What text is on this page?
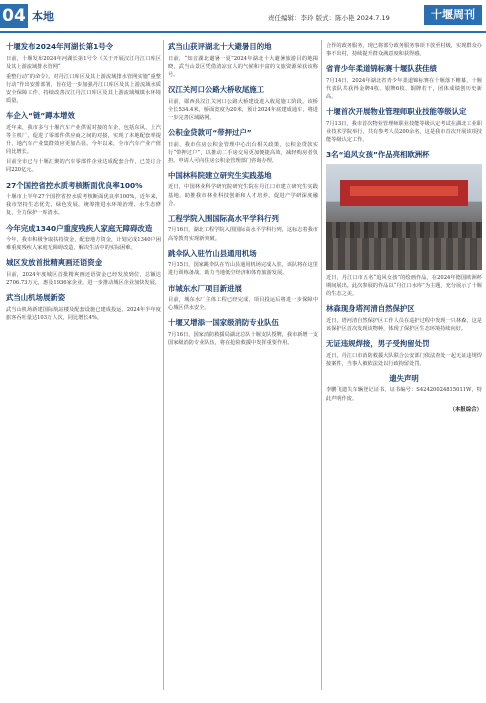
04 本地	责任编辑：李玲 版式：陈小艳 2024.7.19	十堰周刊
十堰发布2024年河湖长第1号令

日前，十堰发布2024年河湖长第1号令《关于开展汉江丹江口库区及其上游流域排水管网“

重整行动”的命令》。对丹江口库区及其上游流域排水管网实施“重整行动”作出安排部署，旨在进一步加强丹江口库区及其上游流域水质安全保障工作，持续改善汉江丹江口库区及其上游流域城镇水环境质量。

车企入“链”蹲本增效

近年来，我市多与十堰汽车产业供需对接的车企，包括东风、上汽等主机厂，促进了零部件供应商之间的对接，实现了本地配套率提升，地汽车产业集群效应更加凸显。今年以来，全市汽车产业产值同比增长。

目前全市已与十堰汇聚的汽车零部件企业达成配套合作，已签订合同220亿元。

27个国控省控水质考核断面优良率100%

十堰市上半年27个国控省控水质考核断面优良率100%，近年来，我市坚持生态优先、绿色发展，统筹推进水环境治理、水生态修复，全力保护一库清水。

今年完成1340户重度残疾人家庭无障碍改造

今年，我市积极争取扶持资金，配套地方资金，计划完成1340户困难重度残疾人家庭无障碍改造，解决生活中的实际困难。

城区发放首批精爽画还语资金

目前，2024年度城区首批精爽画还语资金已经发放到位，总额达2706.73万元，惠及1936家企业，进一步推动城区企业加快发展。

武当山机场展新姿

武当山机场新建国际航站楼及配套设施已建成投运，2024年半年度旅客吞吐量达103万人次，同比增长4%。

武当山获评湖北十大避暑目的地

日前，“知音湖北避暑一夏”2024年湖北十大避暑旅游目的地揭晓，武当山景区凭借清凉宜人的气候和丰富的文旅资源荣获该称号。

汉江关河口公路大桥收尾施工

目前，郧西县汉江关河口公路大桥建设进入收尾施工阶段。该桥全长534.4米，桥面宽度为20米，预计2024年底建成通车，将进一步完善区域路网。

公积金贷款可“带押过户”

日前，我市住房公积金管理中心出台相关政策，公积金贷款实行“带押过户”，以推动二手房交易更加便捷高效，减轻购房者负担。申请人可向住房公积金管理部门咨询办理。

中国林科院建立研究生实践基地

近日，中国林业科学研究院研究生院在丹江口市建立研究生实践基地，助推我市林业科技创新和人才培养，促进产学研深度融合。

工程学院入围国际高水平学科行列

7月16日，湖北工程学院入围国际高水平学科行列，这标志着我市高等教育实现新突破。

跳伞队入驻竹山县通用机场

7月15日，国家跳伞队在竹山县通用机场完成入驻，该队将在这里进行训练备战，助力当地低空经济和体育旅游发展。

市城东水厂项目新进展

目前，城东水厂主体工程已经完成，项目投运后将进一步保障中心城区供水安全。

十堰又增添一国家级消防专业队伍

7月16日，国家消防救援局湖北总队十堰支队授牌，我市新增一支国家级消防专业队伍，将在抢险救援中发挥重要作用。

合作的政务服务，现已将部分政务服务事项下放至村级，实现群众办事不出村，持续提升群众满意度和获得感。

省青少年柔道锦标赛十堰队获佳绩

7月14日，2024年湖北省青少年柔道锦标赛在十堰落下帷幕，十堰代表队共获得金牌4枚、银牌6枚、铜牌若干，团体成绩创历史新高。

十堰首次开展物业管理师职业技能等级认定

7月13日，我市首次物业管理师职业技能等级认定考试在湖北工业职业技术学院举行，共有参考人员200余名，这是我市首次开展该项技能等级认定工作。

3名“追风女孩”作品亮相欧洲杯

近日，丹江口市五名“追风女孩”的绘画作品，在2024年德国欧洲杯期间展出。此次参展的作品以“丹江口水库”为主题，充分展示了十堰的生态之美。

林森现身塔河清自然保护区

近日，塔河清自然保护区工作人员在巡护过程中发现一只林森，这是该保护区首次发现该物种，体现了保护区生态环境持续向好。

无证违规焊接，男子受拘留处罚

近日，丹江口市消防救援大队联合公安部门依法查处一起无证违规焊接案件，当事人被依法处以行政拘留处罚。

遗失声明

李鹏飞遗失车辆登记证书，证书编号：S42420024815011W，特此声明作废。

（本报综合）
